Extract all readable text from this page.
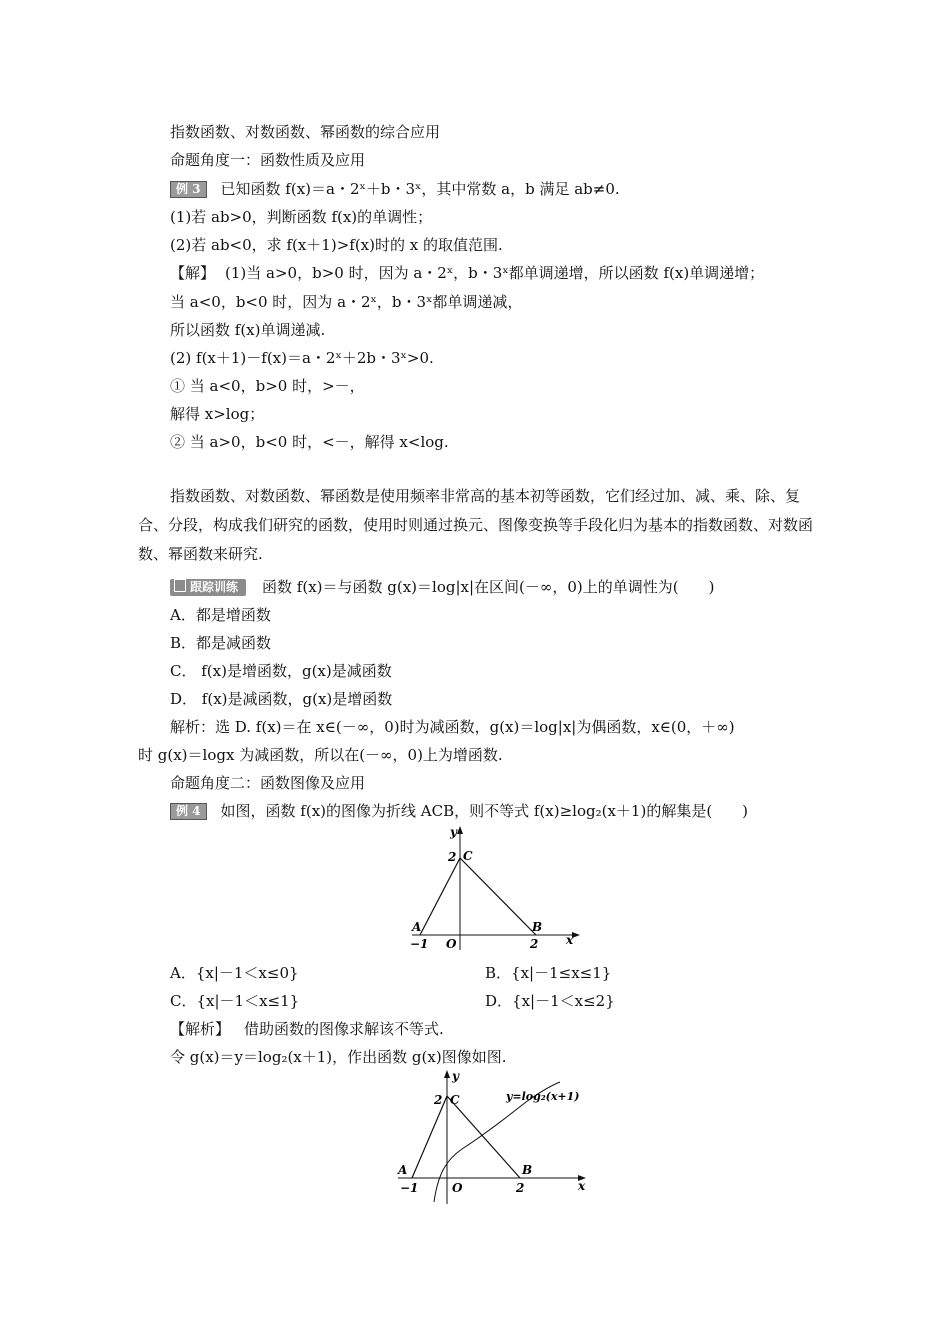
指数函数、对数函数、幂函数的综合应用
命题角度一：函数性质及应用
例 3 已知函数 f(x)＝a・2ˣ＋b・3ˣ，其中常数 a，b 满足 ab≠0.
(1)若 ab>0，判断函数 f(x)的单调性；
(2)若 ab<0，求 f(x＋1)>f(x)时的 x 的取值范围.
【解】 (1)当 a>0，b>0 时，因为 a・2ˣ，b・3ˣ都单调递增，所以函数 f(x)单调递增；
当 a<0，b<0 时，因为 a・2ˣ，b・3ˣ都单调递减，
所以函数 f(x)单调递减.
(2) f(x＋1)－f(x)＝a・2ˣ＋2b・3ˣ>0.
① 当 a<0，b>0 时，>－，
解得 x>log；
② 当 a>0，b<0 时，<－，解得 x<log.
指数函数、对数函数、幂函数是使用频率非常高的基本初等函数，它们经过加、减、乘、除、复合、分段，构成我们研究的函数，使用时则通过换元、图像变换等手段化归为基本的指数函数、对数函数、幂函数来研究.
跟踪训练 函数 f(x)＝与函数 g(x)＝log|x|在区间(－∞，0)上的单调性为(　　)
A．都是增函数
B．都是减函数
C． f(x)是增函数，g(x)是减函数
D． f(x)是减函数，g(x)是增函数
解析：选 D. f(x)＝在 x∈(－∞，0)时为减函数，g(x)＝log|x|为偶函数，x∈(0，＋∞)
时 g(x)＝logx 为减函数，所以在(－∞，0)上为增函数.
命题角度二：函数图像及应用
例 4 如图，函数 f(x)的图像为折线 ACB，则不等式 f(x)≥log₂(x＋1)的解集是(　　)
y
x
O
A	B
C
−1	2
2
A．{x|－1＜x≤0}	B．{x|－1≤x≤1}
C．{x|－1＜x≤1}	D．{x|－1＜x≤2}
【解析】 借助函数的图像求解该不等式.
令 g(x)＝y＝log₂(x＋1)，作出函数 g(x)图像如图.
y
x
O
A	B
C
−1	2
2	y=log₂(x+1)
